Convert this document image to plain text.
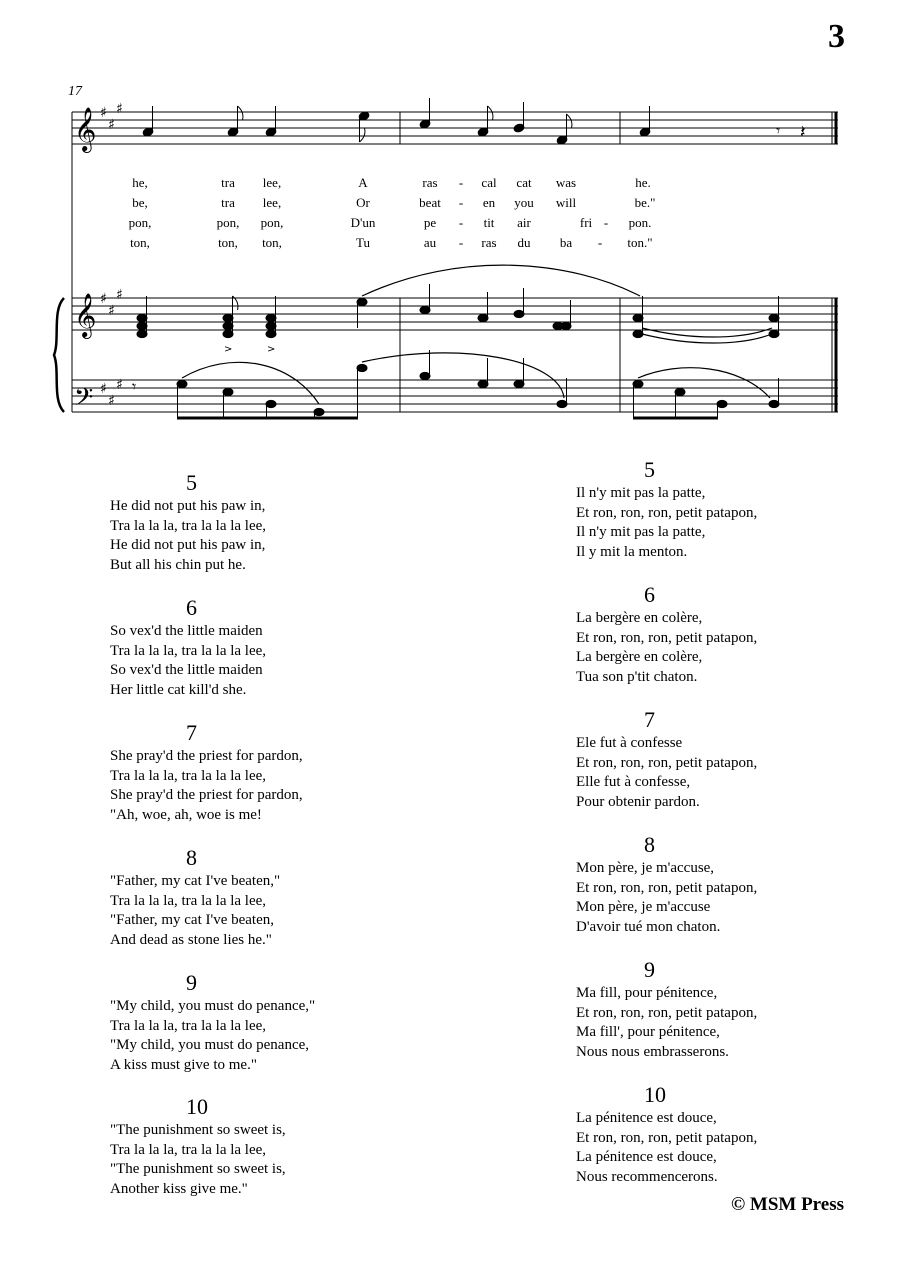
3
17
𝄞
𝄞
𝄢
♯
♯
♯
♯
♯
♯
♯
♯
♯
𝄾 𝄽
>	>
𝄾
he,	tra lee,	A	ras - cal cat was	he.
be,	tra lee,	Or	beat - en you will	be."
pon,	pon, pon,	D'un	pe - tit air	fri - pon.
ton,	ton, ton,	Tu	au - ras du ba - ton."
5
He did not put his paw in,
Tra la la la, tra la la la lee,
He did not put his paw in,
But all his chin put he.
6
So vex'd the little maiden
Tra la la la, tra la la la lee,
So vex'd the little maiden
Her little cat kill'd she.
7
She pray'd the priest for pardon,
Tra la la la, tra la la la lee,
She pray'd the priest for pardon,
"Ah, woe, ah, woe is me!
8
"Father, my cat I've beaten,"
Tra la la la, tra la la la lee,
"Father, my cat I've beaten,
And dead as stone lies he."
9
"My child, you must do penance,"
Tra la la la, tra la la la lee,
"My child, you must do penance,
A kiss must give to me."
10
"The punishment so sweet is,
Tra la la la, tra la la la lee,
"The punishment so sweet is,
Another kiss give me."
5
Il n'y mit pas la patte,
Et ron, ron, ron, petit patapon,
Il n'y mit pas la patte,
Il y mit la menton.
6
La bergère en colère,
Et ron, ron, ron, petit patapon,
La bergère en colère,
Tua son p'tit chaton.
7
Ele fut à confesse
Et ron, ron, ron, petit patapon,
Elle fut à confesse,
Pour obtenir pardon.
8
Mon père, je m'accuse,
Et ron, ron, ron, petit patapon,
Mon père, je m'accuse
D'avoir tué mon chaton.
9
Ma fill, pour pénitence,
Et ron, ron, ron, petit patapon,
Ma fill', pour pénitence,
Nous nous embrasserons.
10
La pénitence est douce,
Et ron, ron, ron, petit patapon,
La pénitence est douce,
Nous recommencerons.
© MSM Press
